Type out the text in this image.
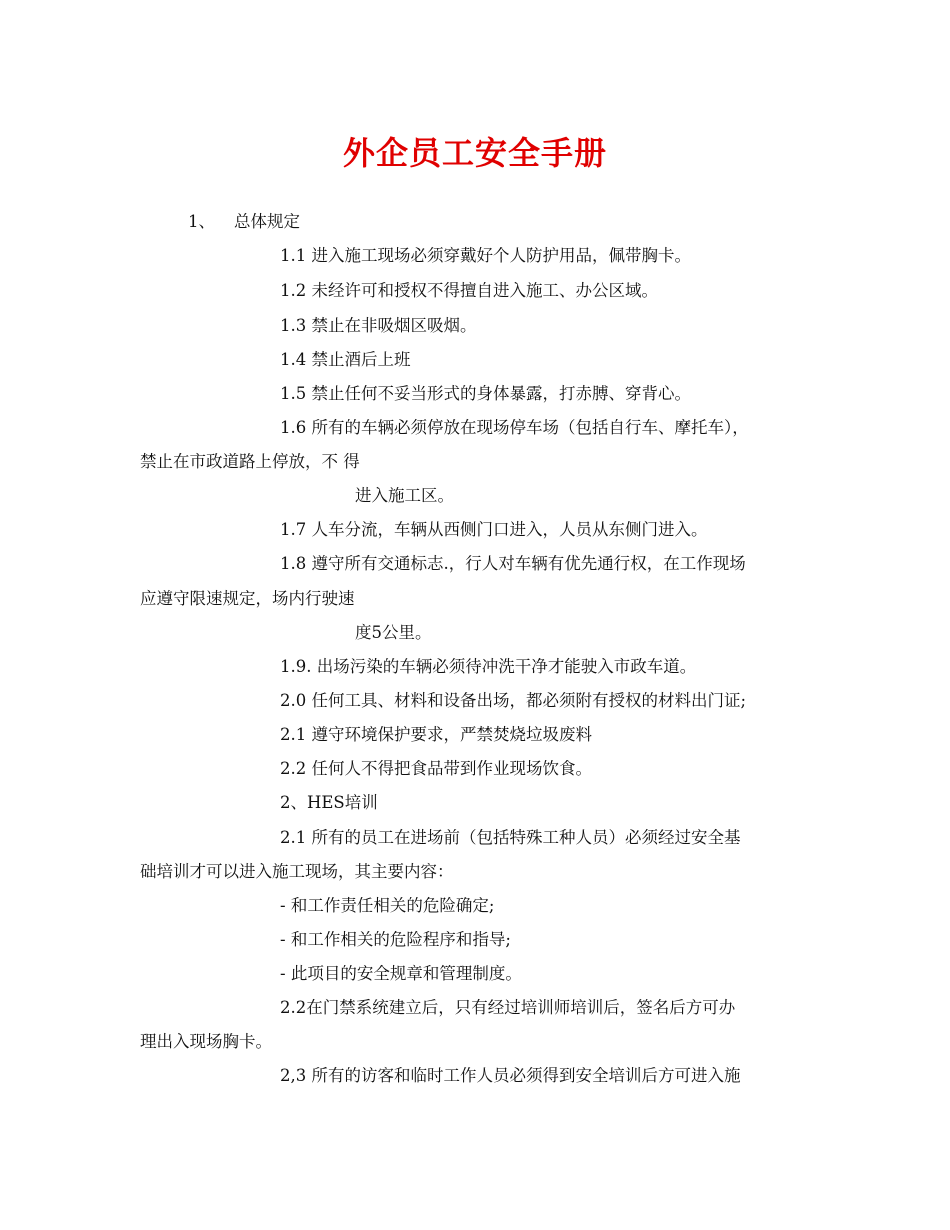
外企员工安全手册

1、 总体规定

1.1 进入施工现场必须穿戴好个人防护用品，佩带胸卡。

1.2 未经许可和授权不得擅自进入施工、办公区域。

1.3 禁止在非吸烟区吸烟。

1.4 禁止酒后上班

1.5 禁止任何不妥当形式的身体暴露，打赤膊、穿背心。

1.6 所有的车辆必须停放在现场停车场（包括自行车、摩托车），

禁止在市政道路上停放，不 得

进入施工区。

1.7 人车分流，车辆从西侧门口进入，人员从东侧门进入。

1.8 遵守所有交通标志.，行人对车辆有优先通行权，在工作现场

应遵守限速规定，场内行驶速

度5公里。

1.9. 出场污染的车辆必须待冲洗干净才能驶入市政车道。

2.0 任何工具、材料和设备出场，都必须附有授权的材料出门证;

2.1 遵守环境保护要求，严禁焚烧垃圾废料

2.2 任何人不得把食品带到作业现场饮食。

2、HES培训

2.1 所有的员工在进场前（包括特殊工种人员）必须经过安全基

础培训才可以进入施工现场，其主要内容：

- 和工作责任相关的危险确定;

- 和工作相关的危险程序和指导;

- 此项目的安全规章和管理制度。

2.2在门禁系统建立后，只有经过培训师培训后，签名后方可办

理出入现场胸卡。

2,3 所有的访客和临时工作人员必须得到安全培训后方可进入施
